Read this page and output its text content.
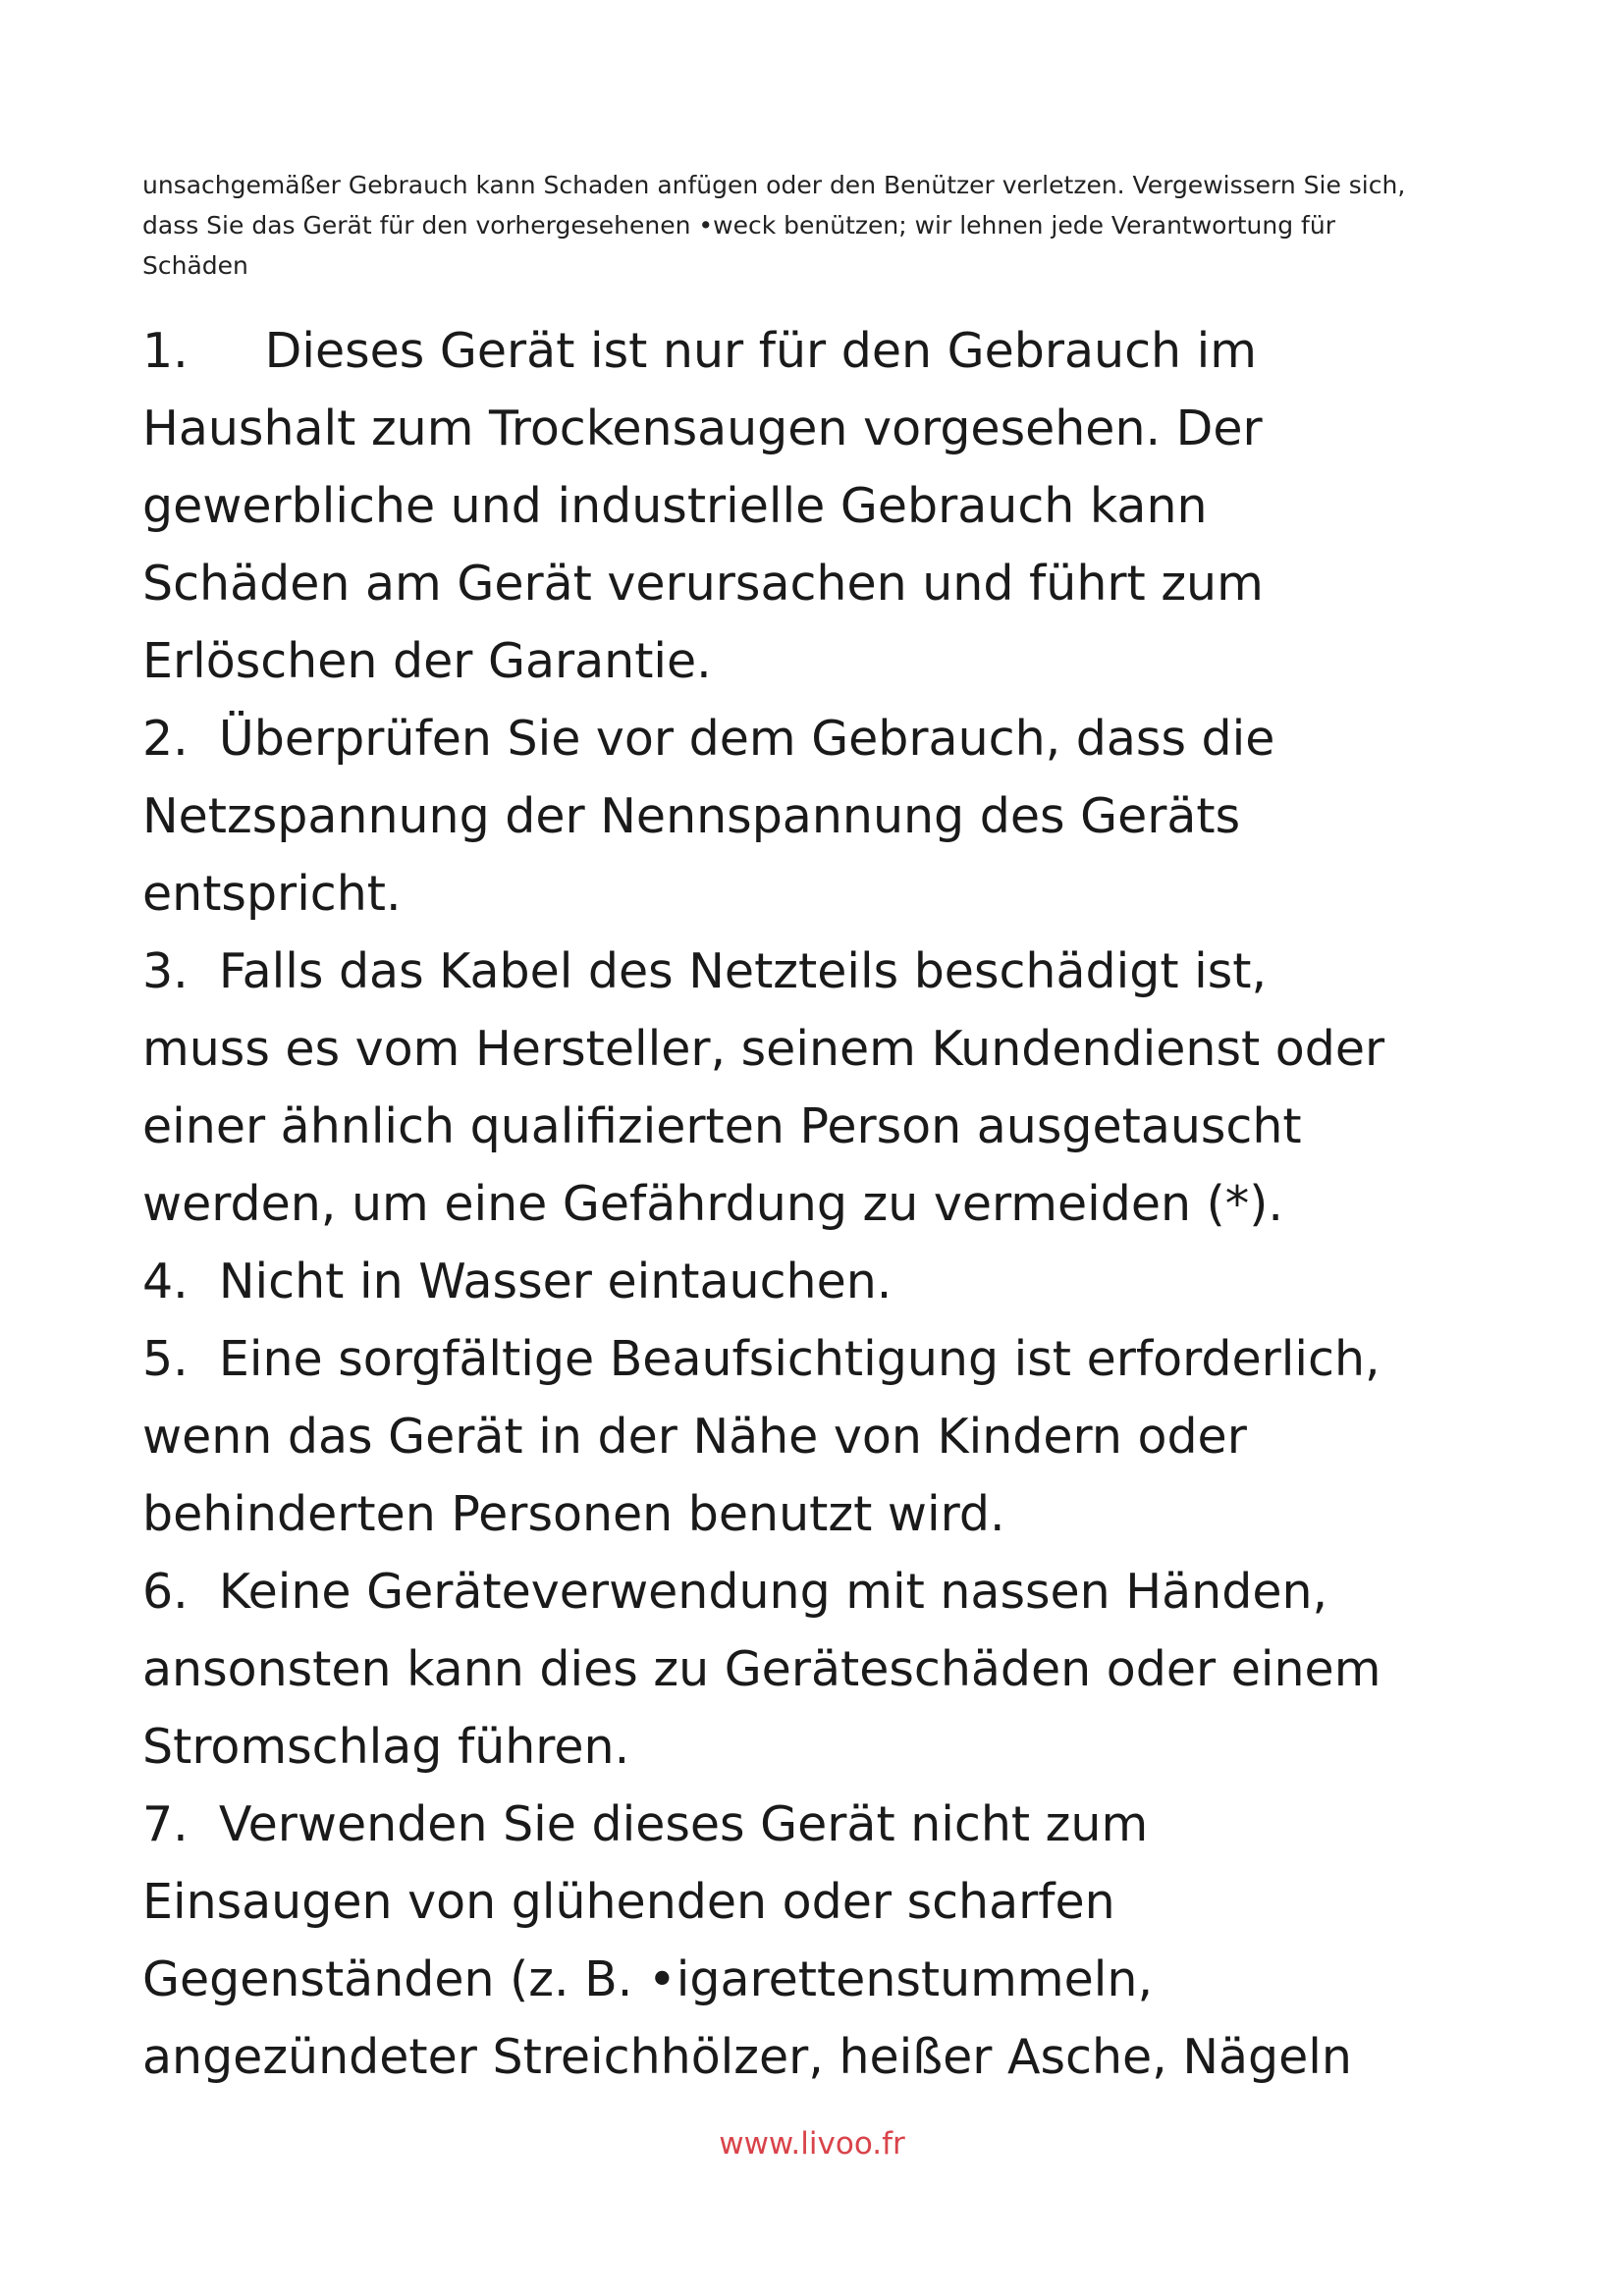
unsachgemäßer Gebrauch kann Schaden anfügen oder den Benützer verletzen. Vergewissern Sie sich,
dass Sie das Gerät für den vorhergesehenen •weck benützen; wir lehnen jede Verantwortung für
Schäden
1.     Dieses Gerät ist nur für den Gebrauch im
Haushalt zum Trockensaugen vorgesehen. Der
gewerbliche und industrielle Gebrauch kann
Schäden am Gerät verursachen und führt zum
Erlöschen der Garantie.
2.  Überprüfen Sie vor dem Gebrauch, dass die
Netzspannung der Nennspannung des Geräts
entspricht.
3.  Falls das Kabel des Netzteils beschädigt ist,
muss es vom Hersteller, seinem Kundendienst oder
einer ähnlich qualifizierten Person ausgetauscht
werden, um eine Gefährdung zu vermeiden (*).
4.  Nicht in Wasser eintauchen.
5.  Eine sorgfältige Beaufsichtigung ist erforderlich,
wenn das Gerät in der Nähe von Kindern oder
behinderten Personen benutzt wird.
6.  Keine Geräteverwendung mit nassen Händen,
ansonsten kann dies zu Geräteschäden oder einem
Stromschlag führen.
7.  Verwenden Sie dieses Gerät nicht zum
Einsaugen von glühenden oder scharfen
Gegenständen (z. B. •igarettenstummeln,
angezündeter Streichhölzer, heißer Asche, Nägeln
www.livoo.fr
